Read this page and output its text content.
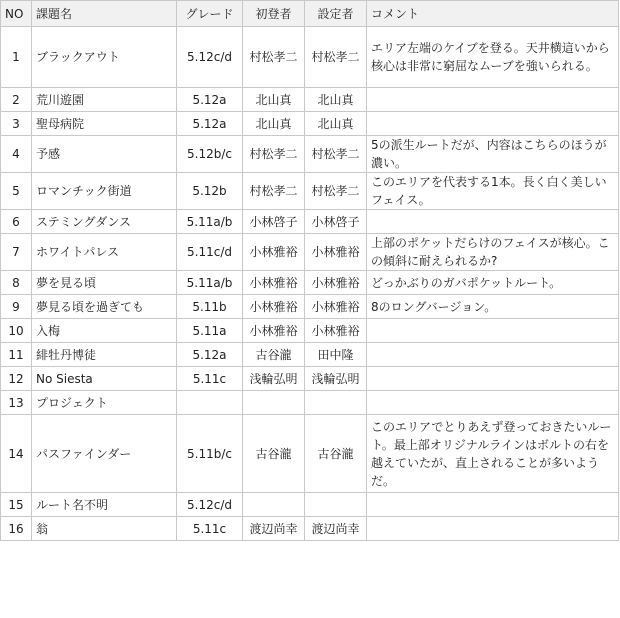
NO	課題名	グレード	初登者	設定者	コメント
1	ブラックアウト	5.12c/d	村松孝二	村松孝二	エリア左端のケイブを登る。天井横這いから核心は非常に窮屈なムーブを強いられる。
2	荒川遊園	5.12a	北山真	北山真	
3	聖母病院	5.12a	北山真	北山真	
4	予感	5.12b/c	村松孝二	村松孝二	5の派生ルートだが、内容はこちらのほうが濃い。
5	ロマンチック街道	5.12b	村松孝二	村松孝二	このエリアを代表する1本。長く白く美しいフェイス。
6	ステミングダンス	5.11a/b	小林啓子	小林啓子	
7	ホワイトパレス	5.11c/d	小林雅裕	小林雅裕	上部のポケットだらけのフェイスが核心。この傾斜に耐えられるか?
8	夢を見る頃	5.11a/b	小林雅裕	小林雅裕	どっかぶりのガバポケットルート。
9	夢見る頃を過ぎても	5.11b	小林雅裕	小林雅裕	8のロングバージョン。
10	入梅	5.11a	小林雅裕	小林雅裕	
11	緋牡丹博徒	5.12a	古谷瀧	田中隆	
12	No Siesta	5.11c	浅輪弘明	浅輪弘明	
13	プロジェクト				
14	パスファインダー	5.11b/c	古谷瀧	古谷瀧	このエリアでとりあえず登っておきたいルート。最上部オリジナルラインはボルトの右を越えていたが、直上されることが多いようだ。
15	ルート名不明	5.12c/d			
16	翁	5.11c	渡辺尚幸	渡辺尚幸	
